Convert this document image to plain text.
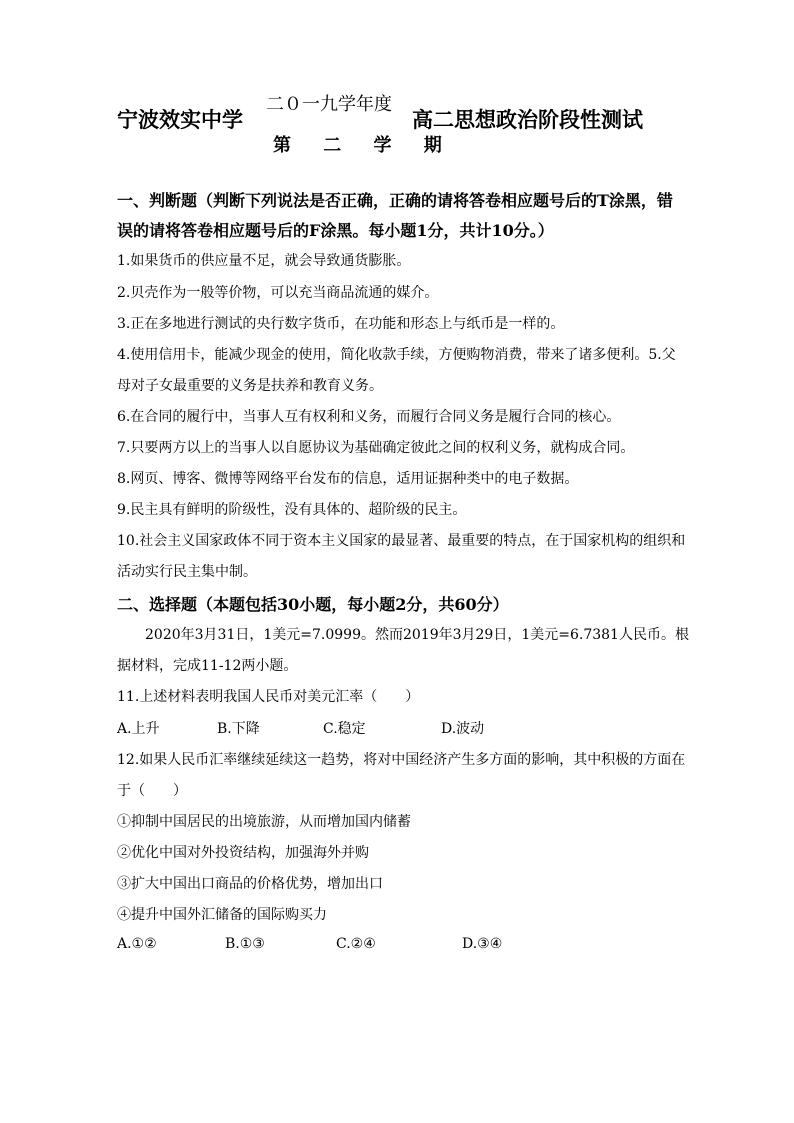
宁波效实中学
二０一九学年度
第 二 学 期
高二思想政治阶段性测试
一、判断题（判断下列说法是否正确，正确的请将答卷相应题号后的T涂黑，错
误的请将答卷相应题号后的F涂黑。每小题1分，共计10分。）
1.如果货币的供应量不足，就会导致通货膨胀。
2.贝壳作为一般等价物，可以充当商品流通的媒介。
3.正在多地进行测试的央行数字货币，在功能和形态上与纸币是一样的。
4.使用信用卡，能减少现金的使用，简化收款手续，方便购物消费，带来了诸多便利。5.父
母对子女最重要的义务是扶养和教育义务。
6.在合同的履行中，当事人互有权利和义务，而履行合同义务是履行合同的核心。
7.只要两方以上的当事人以自愿协议为基础确定彼此之间的权利义务，就构成合同。
8.网页、博客、微博等网络平台发布的信息，适用证据种类中的电子数据。
9.民主具有鲜明的阶级性，没有具体的、超阶级的民主。
10.社会主义国家政体不同于资本主义国家的最显著、最重要的特点，在于国家机构的组织和
活动实行民主集中制。
二、选择题（本题包括30小题，每小题2分，共60分）
2020年3月31日，1美元=7.0999。然而2019年3月29日，1美元=6.7381人民币。根
据材料，完成11-12两小题。
11.上述材料表明我国人民币对美元汇率（　　）
A.上升	B.下降	C.稳定	D.波动
12.如果人民币汇率继续延续这一趋势，将对中国经济产生多方面的影响，其中积极的方面在
于（　　）
①抑制中国居民的出境旅游，从而增加国内储蓄
②优化中国对外投资结构，加强海外并购
③扩大中国出口商品的价格优势，增加出口
④提升中国外汇储备的国际购买力
A.①②	B.①③	C.②④	D.③④
